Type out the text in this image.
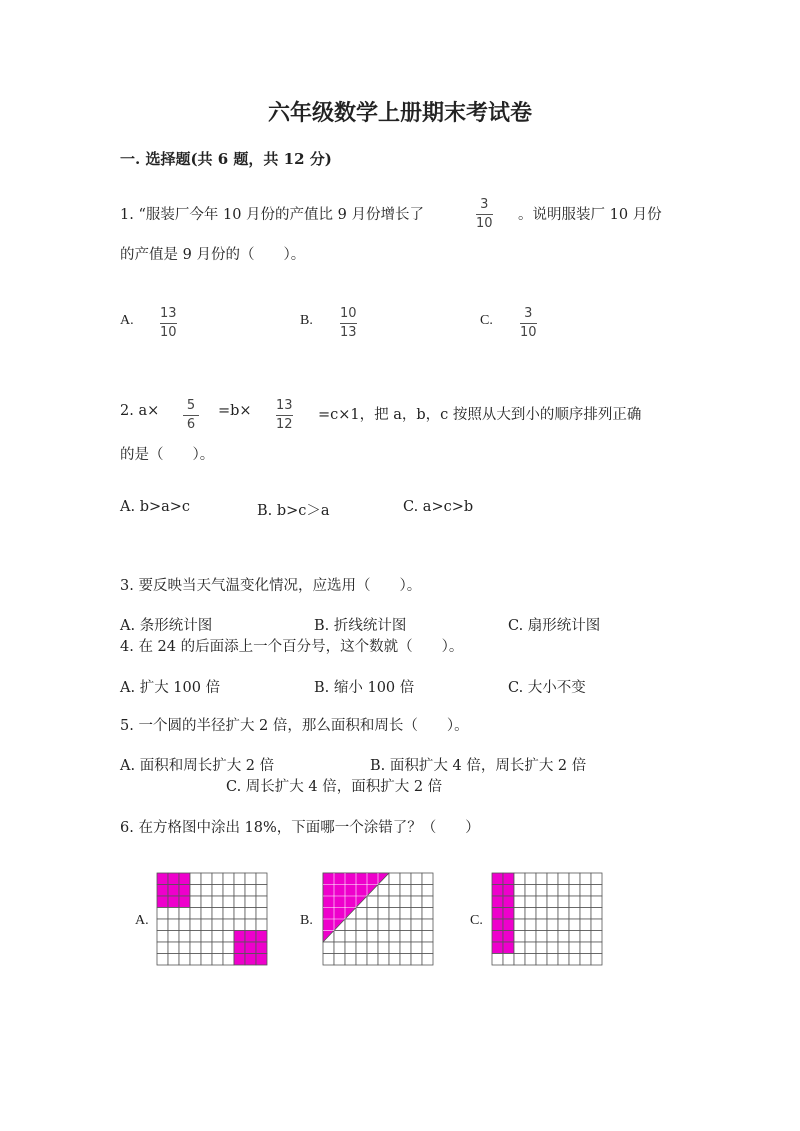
六年级数学上册期末考试卷
一. 选择题(共 6 题，共 12 分)
1. “服装厂今年 10 月份的产值比 9 月份增长了
3
10
。说明服装厂 10 月份
的产值是 9 月份的（　　）。
A. 13
10
B. 10
13
C. 3
10
2. a× 5
6
=b× 13
12
=c×1，把 a，b，c 按照从大到小的顺序排列正确
的是（　　）。
A. b>a>c	B. b>c＞a	C. a>c>b
3. 要反映当天气温变化情况，应选用（　　）。
A. 条形统计图	B. 折线统计图	C. 扇形统计图
4. 在 24 的后面添上一个百分号，这个数就（　　）。
A. 扩大 100 倍	B. 缩小 100 倍	C. 大小不变
5. 一个圆的半径扩大 2 倍，那么面积和周长（　　）。
A. 面积和周长扩大 2 倍	B. 面积扩大 4 倍，周长扩大 2 倍
C. 周长扩大 4 倍，面积扩大 2 倍
6. 在方格图中涂出 18%，下面哪一个涂错了？（　　）
A.	B.	C.
